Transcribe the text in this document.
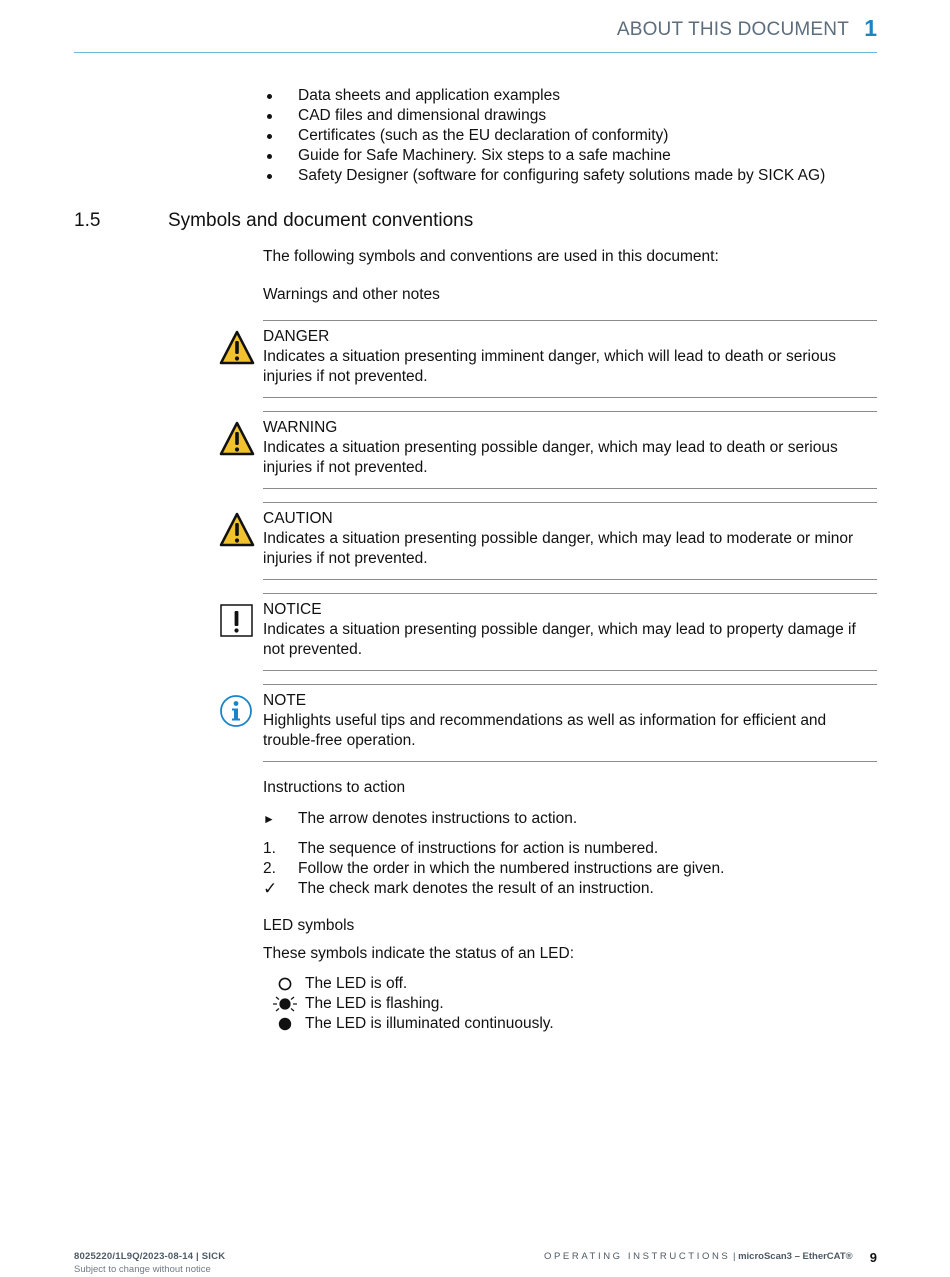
ABOUT THIS DOCUMENT 1
Data sheets and application examples
CAD files and dimensional drawings
Certificates (such as the EU declaration of conformity)
Guide for Safe Machinery. Six steps to a safe machine
Safety Designer (software for configuring safety solutions made by SICK AG)
1.5	Symbols and document conventions
The following symbols and conventions are used in this document:
Warnings and other notes
DANGER
Indicates a situation presenting imminent danger, which will lead to death or serious
injuries if not prevented.
WARNING
Indicates a situation presenting possible danger, which may lead to death or serious
injuries if not prevented.
CAUTION
Indicates a situation presenting possible danger, which may lead to moderate or minor
injuries if not prevented.
NOTICE
Indicates a situation presenting possible danger, which may lead to property damage if
not prevented.
NOTE
Highlights useful tips and recommendations as well as information for efficient and
trouble-free operation.
Instructions to action
►	The arrow denotes instructions to action.
1.	The sequence of instructions for action is numbered.
2.	Follow the order in which the numbered instructions are given.
✓	The check mark denotes the result of an instruction.
LED symbols
These symbols indicate the status of an LED:
The LED is off.
The LED is flashing.
The LED is illuminated continuously.
8025220/1L9Q/2023-08-14 | SICK
Subject to change without notice
OPERATING INSTRUCTIONS | microScan3 – EtherCAT® 9
